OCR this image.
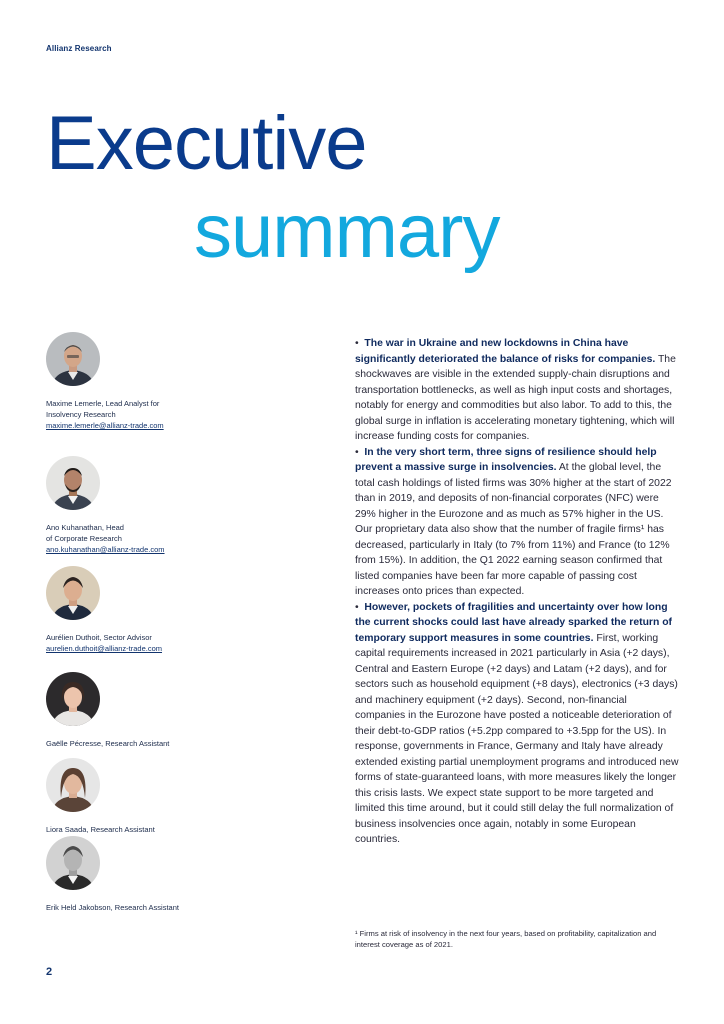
Allianz Research
Executive
summary
Maxime Lemerle, Lead Analyst for
Insolvency Research
maxime.lemerle@allianz-trade.com
Ano Kuhanathan, Head
of Corporate Research
ano.kuhanathan@allianz-trade.com
Aurélien Duthoit, Sector Advisor
aurelien.duthoit@allianz-trade.com
Gaëlle Pécresse, Research Assistant
Liora Saada, Research Assistant
Erik Held Jakobson, Research Assistant

• The war in Ukraine and new lockdowns in China have significantly deteriorated the balance of risks for companies. The shockwaves are visible in the extended supply-chain disruptions and transportation bottlenecks, as well as high input costs and shortages, notably for energy and commodities but also labor. To add to this, the global surge in inflation is accelerating monetary tightening, which will increase funding costs for companies.

• In the very short term, three signs of resilience should help prevent a massive surge in insolvencies. At the global level, the total cash holdings of listed firms was 30% higher at the start of 2022 than in 2019, and deposits of non-financial corporates (NFC) were 29% higher in the Eurozone and as much as 57% higher in the US. Our proprietary data also show that the number of fragile firms¹ has decreased, particularly in Italy (to 7% from 11%) and France (to 12% from 15%). In addition, the Q1 2022 earning season confirmed that listed companies have been far more capable of passing cost increases onto prices than expected.

• However, pockets of fragilities and uncertainty over how long the current shocks could last have already sparked the return of temporary support measures in some countries. First, working capital requirements increased in 2021 particularly in Asia (+2 days), Central and Eastern Europe (+2 days) and Latam (+2 days), and for sectors such as household equipment (+8 days), electronics (+3 days) and machinery equipment (+2 days). Second, non-financial companies in the Eurozone have posted a noticeable deterioration of their debt-to-GDP ratios (+5.2pp compared to +3.5pp for the US). In response, governments in France, Germany and Italy have already extended existing partial unemployment programs and introduced new forms of state-guaranteed loans, with more measures likely the longer this crisis lasts. We expect state support to be more targeted and limited this time around, but it could still delay the full normalization of business insolvencies once again, notably in some European countries.

¹ Firms at risk of insolvency in the next four years, based on profitability, capitalization and interest coverage as of 2021.
2
